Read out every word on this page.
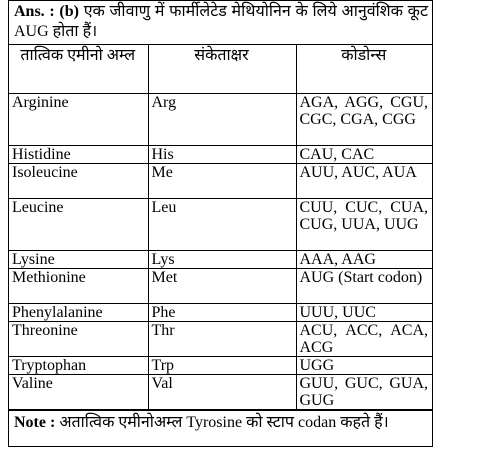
Ans. : (b) एक जीवाणु में फार्मीलेटेड मेथियोनिन के लिये आनुवंशिक कूट AUG होता हैं।
तात्विक एमीनो अम्ल	संकेताक्षर	कोडोन्स
Arginine	Arg	AGA, AGG, CGU, CGC, CGA, CGG
Histidine	His	CAU, CAC
Isoleucine	Me	AUU, AUC, AUA
Leucine	Leu	CUU, CUC, CUA, CUG, UUA, UUG
Lysine	Lys	AAA, AAG
Methionine	Met	AUG (Start codon)
Phenylalanine	Phe	UUU, UUC
Threonine	Thr	ACU, ACC, ACA, ACG
Tryptophan	Trp	UGG
Valine	Val	GUU, GUC, GUA, GUG
Note : अतात्विक एमीनोअम्ल Tyrosine को स्टाप codan कहते हैं।
